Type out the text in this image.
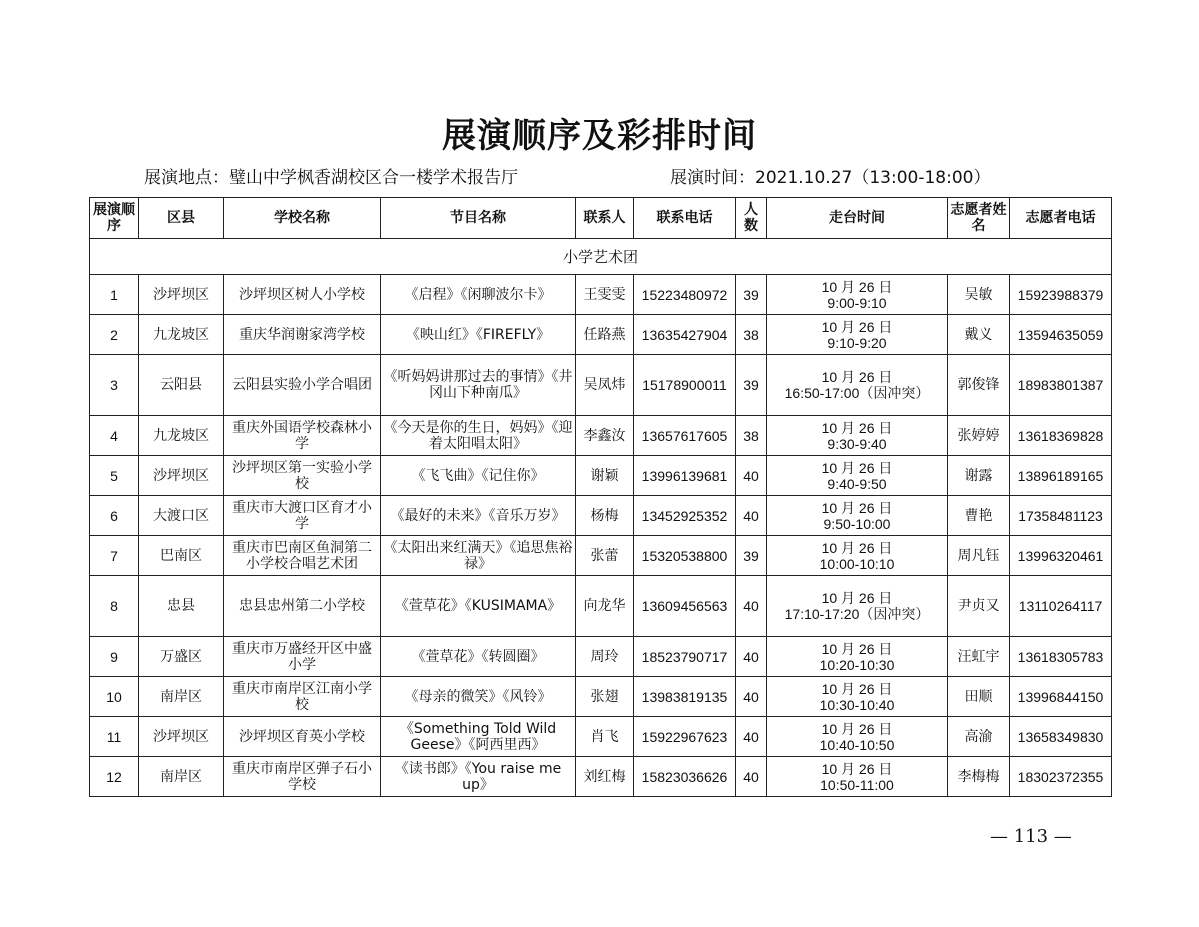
展演顺序及彩排时间
展演地点：璧山中学枫香湖校区合一楼学术报告厅	展演时间：2021.10.27（13:00-18:00）
展演顺序	区县	学校名称	节目名称	联系人	联系电话	人数	走台时间	志愿者姓名	志愿者电话
小学艺术团									
1	沙坪坝区	沙坪坝区树人小学校	《启程》《闲聊波尔卡》	王雯雯	15223480972	39	10 月 26 日
9:00-9:10	吴敏	15923988379
2	九龙坡区	重庆华润谢家湾学校	《映山红》《FIREFLY》	任路燕	13635427904	38	10 月 26 日
9:10-9:20	戴义	13594635059
3	云阳县	云阳县实验小学合唱团	《听妈妈讲那过去的事情》《井冈山下种南瓜》	吴凤炜	15178900011	39	10 月 26 日
16:50-17:00（因冲突）	郭俊锋	18983801387
4	九龙坡区	重庆外国语学校森林小学	《今天是你的生日，妈妈》《迎着太阳唱太阳》	李鑫汝	13657617605	38	10 月 26 日
9:30-9:40	张婷婷	13618369828
5	沙坪坝区	沙坪坝区第一实验小学校	《飞飞曲》《记住你》	谢颖	13996139681	40	10 月 26 日
9:40-9:50	谢露	13896189165
6	大渡口区	重庆市大渡口区育才小学	《最好的未来》《音乐万岁》	杨梅	13452925352	40	10 月 26 日
9:50-10:00	曹艳	17358481123
7	巴南区	重庆市巴南区鱼洞第二小学校合唱艺术团	《太阳出来红满天》《追思焦裕禄》	张蕾	15320538800	39	10 月 26 日
10:00-10:10	周凡钰	13996320461
8	忠县	忠县忠州第二小学校	《萱草花》《KUSIMAMA》	向龙华	13609456563	40	10 月 26 日
17:10-17:20（因冲突）	尹贞又	13110264117
9	万盛区	重庆市万盛经开区中盛小学	《萱草花》《转圆圈》	周玲	18523790717	40	10 月 26 日
10:20-10:30	汪虹宇	13618305783
10	南岸区	重庆市南岸区江南小学校	《母亲的微笑》《风铃》	张翅	13983819135	40	10 月 26 日
10:30-10:40	田顺	13996844150
11	沙坪坝区	沙坪坝区育英小学校	《Something Told Wild Geese》《阿西里西》	肖飞	15922967623	40	10 月 26 日
10:40-10:50	高渝	13658349830
12	南岸区	重庆市南岸区弹子石小学校	《读书郎》《You raise me up》	刘红梅	15823036626	40	10 月 26 日
10:50-11:00	李梅梅	18302372355
— 113 —
